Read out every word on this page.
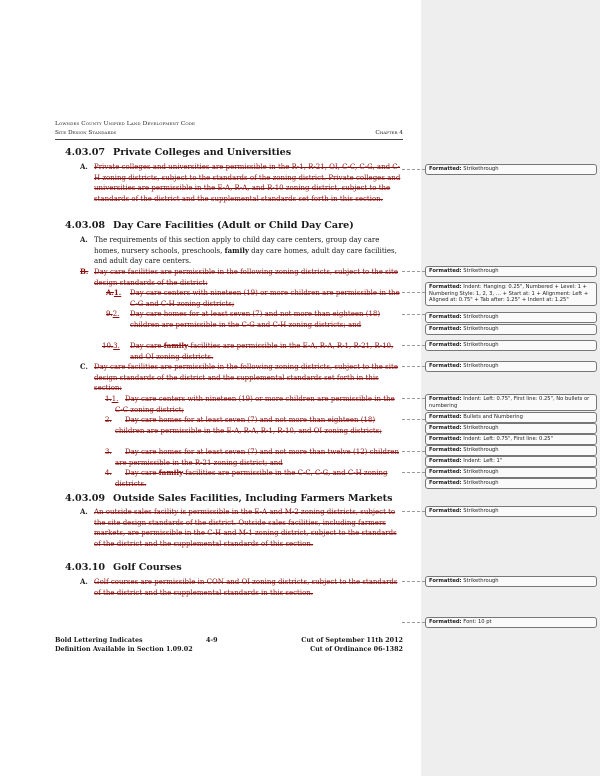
Lowndes County Unified Land Development Code
Site Design Standards	Chapter 4
4.03.07 Private Colleges and Universities
A. Private colleges and universities are permissible in the R-1, R-21, OI, C-C, C-G, and C-H zoning districts, subject to the standards of the zoning district. Private colleges and universities are permissible in the E-A, R-A, and R-10 zoning district, subject to the standards of the district and the supplemental standards set forth in this section.
4.03.08 Day Care Facilities (Adult or Child Day Care)
A. The requirements of this section apply to child day care centers, group day care homes, nursery schools, preschools, family day care homes, adult day care facilities, and adult day care centers.
B. Day care facilities are permissible in the following zoning districts, subject to the site design standards of the district:
A.1. Day care centers with nineteen (19) or more children are permissible in the C-G and C-H zoning districts;
9.2. Day care homes for at least seven (7) and not more than eighteen (18) children are permissible in the C-G and C-H zoning districts; and
10.3. Day care family facilities are permissible in the E-A, R-A, R-1, R-21, R-10, and OI zoning districts.
C. Day care facilities are permissible in the following zoning districts, subject to the site design standards of the district and the supplemental standards set forth in this section:
1.1. Day care centers with nineteen (19) or more children are permissible in the C-C zoning district;
2. Day care homes for at least seven (7) and not more than eighteen (18) children are permissible in the E-A, R-A, R-1, R-10, and OI zoning districts;
3. Day care homes for at least seven (7) and not more than twelve (12) children are permissible in the R-21 zoning district; and
4. Day care family facilities are permissible in the C-C, C-G, and C-H zoning districts.
4.03.09 Outside Sales Facilities, Including Farmers Markets
A. An outside sales facility is permissible in the E-A and M-2 zoning districts, subject to the site design standards of the district. Outside sales facilities, including farmers markets, are permissible in the C-H and M-1 zoning district, subject to the standards of the district and the supplemental standards of this section.
4.03.10 Golf Courses
A. Golf courses are permissible in CON and OI zoning districts, subject to the standards of the district and the supplemental standards in this section.
Bold Lettering Indicates
Definition Available in Section 1.09.02
4-9	Cut of September 11th 2012
Cut of Ordinance 06-1382
Formatted: Strikethrough
Formatted: Strikethrough
Formatted: Indent: Hanging: 0.25", Numbered + Level: 1 + Numbering Style: 1, 2, 3, … + Start at: 1 + Alignment: Left + Aligned at: 0.75" + Tab after: 1.25" + Indent at: 1.25"
Formatted: Strikethrough
Formatted: Strikethrough
Formatted: Strikethrough
Formatted: Strikethrough
Formatted: Indent: Left: 0.75", First line: 0.25", No bullets or numbering
Formatted: Bullets and Numbering
Formatted: Strikethrough
Formatted: Indent: Left: 0.75", First line: 0.25"
Formatted: Strikethrough
Formatted: Indent: Left: 1"
Formatted: Strikethrough
Formatted: Strikethrough
Formatted: Strikethrough
Formatted: Strikethrough
Formatted: Font: 10 pt
